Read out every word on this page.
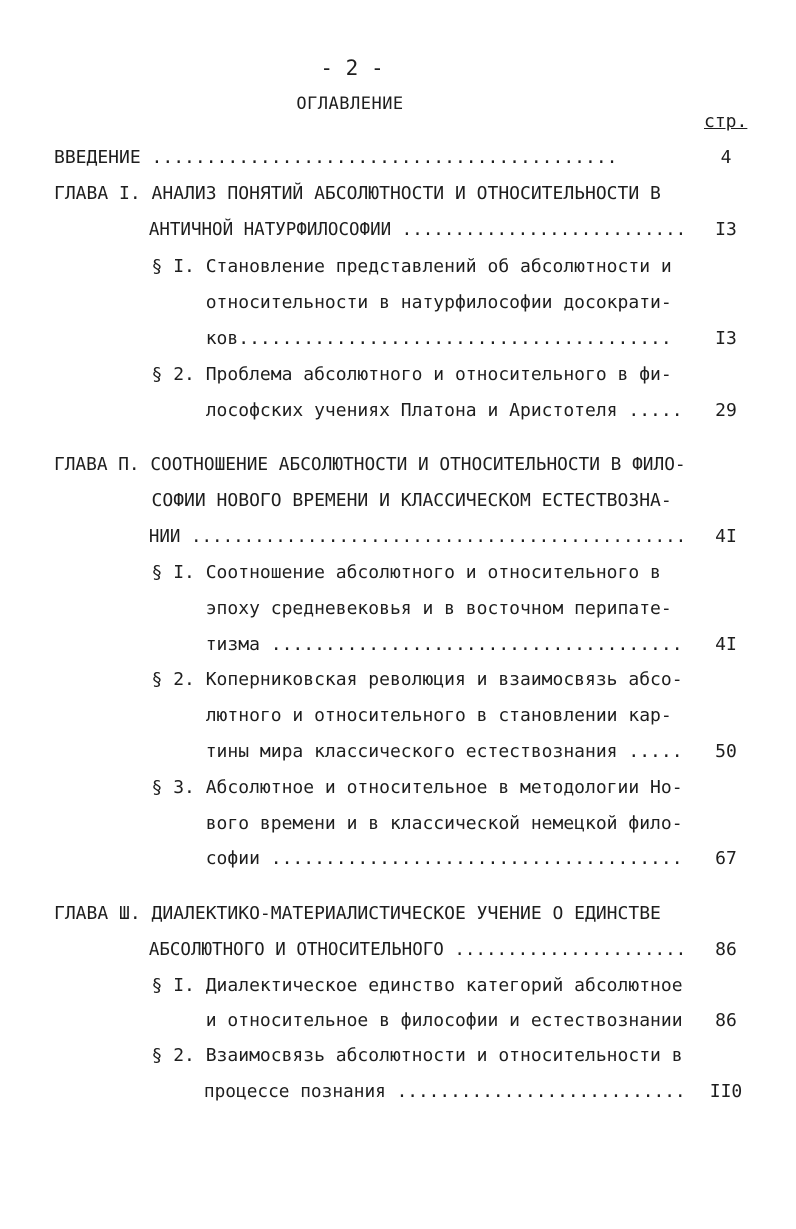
- 2 -
ОГЛАВЛЕНИЕ
стр.
ВВЕДЕНИЕ ...........................................	4
ГЛАВА I. АНАЛИЗ ПОНЯТИЙ АБСОЛЮТНОСТИ И ОТНОСИТЕЛЬНОСТИ В
АНТИЧНОЙ НАТУРФИЛОСОФИИ ...........................	I3
§ I. Становление представлений об абсолютности и
относительности в натурфилософии досократи-
ков........................................	I3
§ 2. Проблема абсолютного и относительного в фи-
лософских учениях Платона и Аристотеля .....	29
ГЛАВА П. СООТНОШЕНИЕ АБСОЛЮТНОСТИ И ОТНОСИТЕЛЬНОСТИ В ФИЛО-
СОФИИ НОВОГО ВРЕМЕНИ И КЛАССИЧЕСКОМ ЕСТЕСТВОЗНА-
НИИ ...............................................	4I
§ I. Соотношение абсолютного и относительного в
эпоху средневековья и в восточном перипате-
тизма ......................................	4I
§ 2. Коперниковская революция и взаимосвязь абсо-
лютного и относительного в становлении кар-
тины мира классического естествознания .....	50
§ 3. Абсолютное и относительное в методологии Но-
вого времени и в классической немецкой фило-
софии ......................................	67
ГЛАВА Ш. ДИАЛЕКТИКО-МАТЕРИАЛИСТИЧЕСКОЕ УЧЕНИЕ О ЕДИНСТВЕ
АБСОЛЮТНОГО И ОТНОСИТЕЛЬНОГО ......................	86
§ I. Диалектическое единство категорий абсолютное
и относительное в философии и естествознании	86
§ 2. Взаимосвязь абсолютности и относительности в
процессе познания ...........................	II0
